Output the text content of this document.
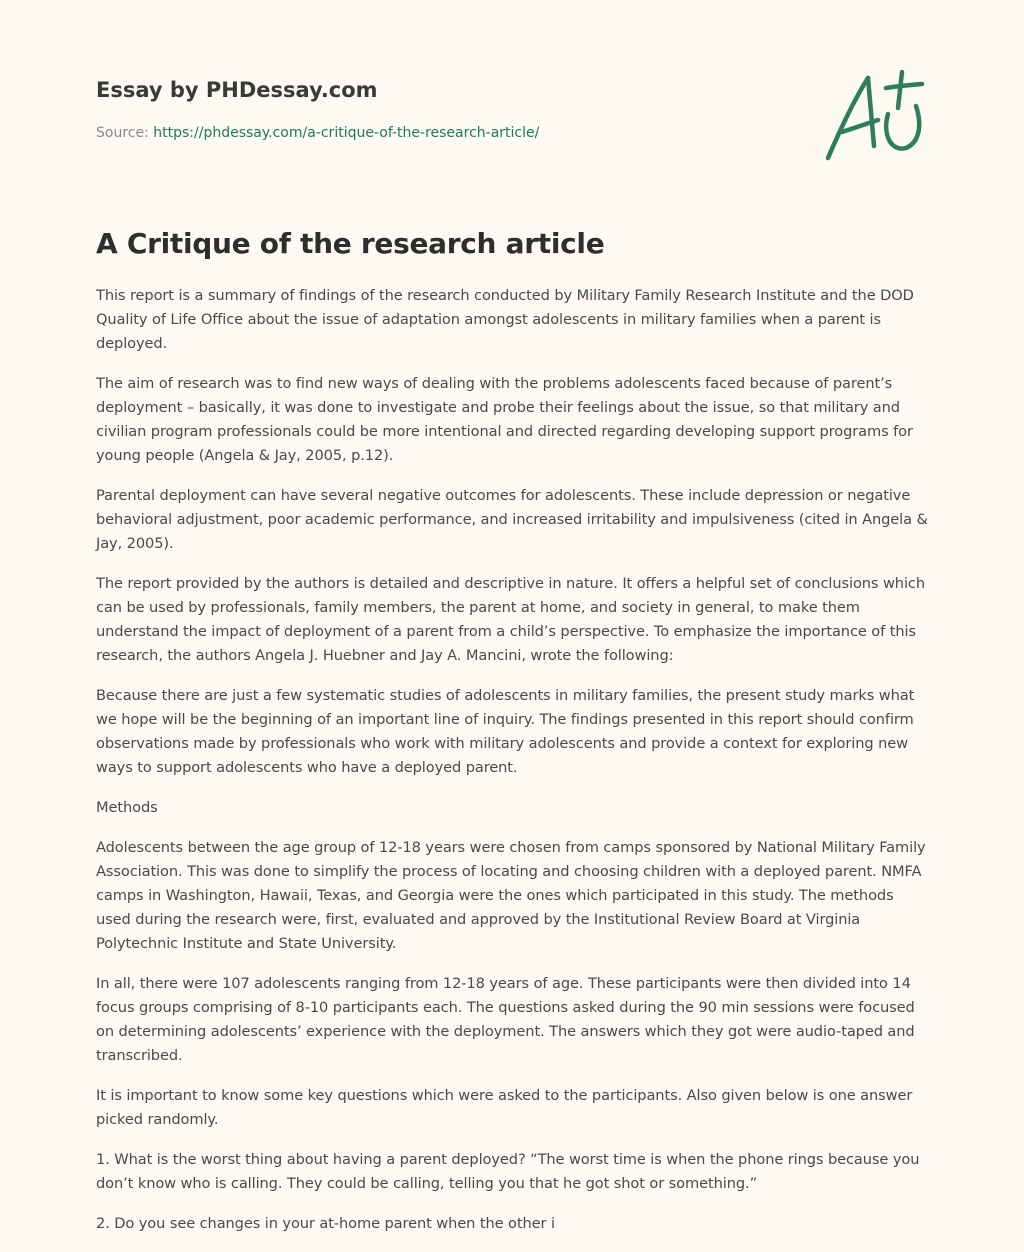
Essay by PHDessay.com
Source: https://phdessay.com/a-critique-of-the-research-article/
A Critique of the research article

This report is a summary of findings of the research conducted by Military Family Research Institute and the DOD Quality of Life Office about the issue of adaptation amongst adolescents in military families when a parent is deployed.

The aim of research was to find new ways of dealing with the problems adolescents faced because of parent’s deployment – basically, it was done to investigate and probe their feelings about the issue, so that military and civilian program professionals could be more intentional and directed regarding developing support programs for young people (Angela & Jay, 2005, p.12).

Parental deployment can have several negative outcomes for adolescents. These include depression or negative behavioral adjustment, poor academic performance, and increased irritability and impulsiveness (cited in Angela & Jay, 2005).

The report provided by the authors is detailed and descriptive in nature. It offers a helpful set of conclusions which can be used by professionals, family members, the parent at home, and society in general, to make them understand the impact of deployment of a parent from a child’s perspective. To emphasize the importance of this research, the authors Angela J. Huebner and Jay A. Mancini, wrote the following:

Because there are just a few systematic studies of adolescents in military families, the present study marks what we hope will be the beginning of an important line of inquiry. The findings presented in this report should confirm observations made by professionals who work with military adolescents and provide a context for exploring new ways to support adolescents who have a deployed parent.

Methods

Adolescents between the age group of 12-18 years were chosen from camps sponsored by National Military Family Association. This was done to simplify the process of locating and choosing children with a deployed parent. NMFA camps in Washington, Hawaii, Texas, and Georgia were the ones which participated in this study. The methods used during the research were, first, evaluated and approved by the Institutional Review Board at Virginia Polytechnic Institute and State University.

In all, there were 107 adolescents ranging from 12-18 years of age. These participants were then divided into 14 focus groups comprising of 8-10 participants each. The questions asked during the 90 min sessions were focused on determining adolescents’ experience with the deployment. The answers which they got were audio-taped and transcribed.

It is important to know some key questions which were asked to the participants. Also given below is one answer picked randomly.

1. What is the worst thing about having a parent deployed? “The worst time is when the phone rings because you don’t know who is calling. They could be calling, telling you that he got shot or something.”

2. Do you see changes in your at-home parent when the other i
